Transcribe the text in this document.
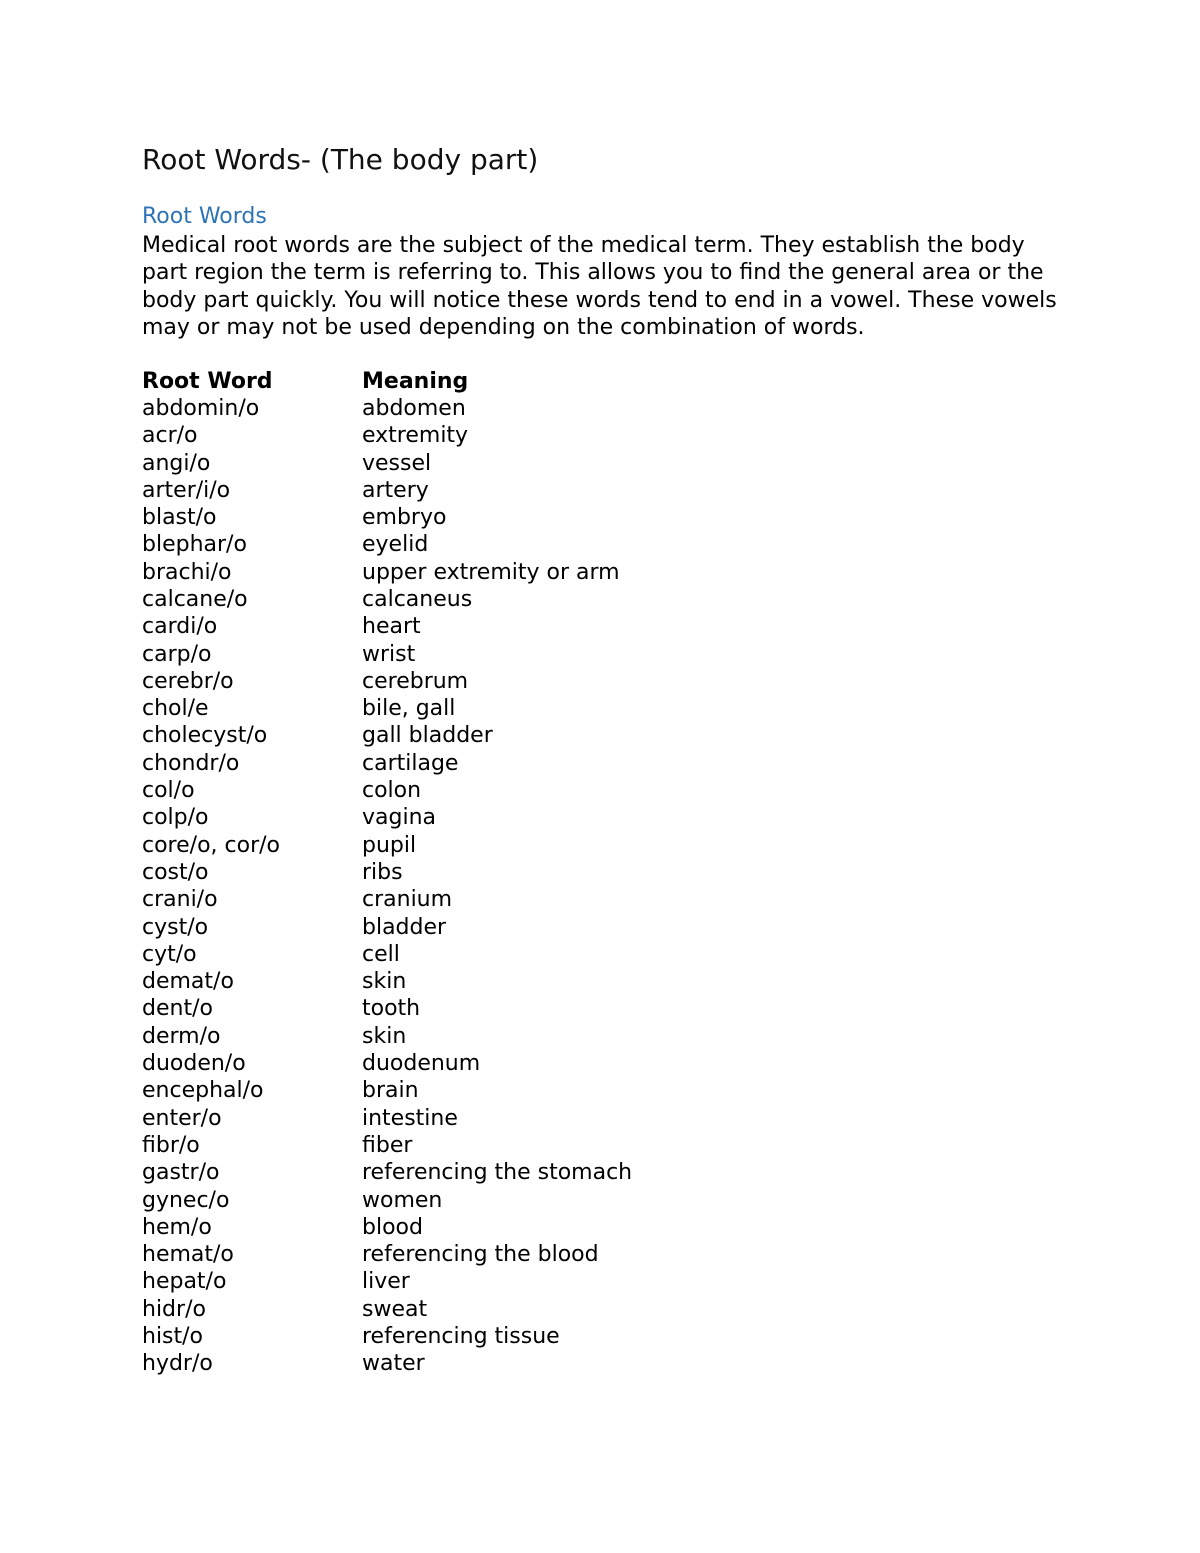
Root Words- (The body part)
Root Words

Medical root words are the subject of the medical term. They establish the body part region the term is referring to. This allows you to find the general area or the body part quickly. You will notice these words tend to end in a vowel. These vowels may or may not be used depending on the combination of words.

Root Word	Meaning
abdomin/o	abdomen
acr/o	extremity
angi/o	vessel
arter/i/o	artery
blast/o	embryo
blephar/o	eyelid
brachi/o	upper extremity or arm
calcane/o	calcaneus
cardi/o	heart
carp/o	wrist
cerebr/o	cerebrum
chol/e	bile, gall
cholecyst/o	gall bladder
chondr/o	cartilage
col/o	colon
colp/o	vagina
core/o, cor/o	pupil
cost/o	ribs
crani/o	cranium
cyst/o	bladder
cyt/o	cell
demat/o	skin
dent/o	tooth
derm/o	skin
duoden/o	duodenum
encephal/o	brain
enter/o	intestine
fibr/o	fiber
gastr/o	referencing the stomach
gynec/o	women
hem/o	blood
hemat/o	referencing the blood
hepat/o	liver
hidr/o	sweat
hist/o	referencing tissue
hydr/o	water
